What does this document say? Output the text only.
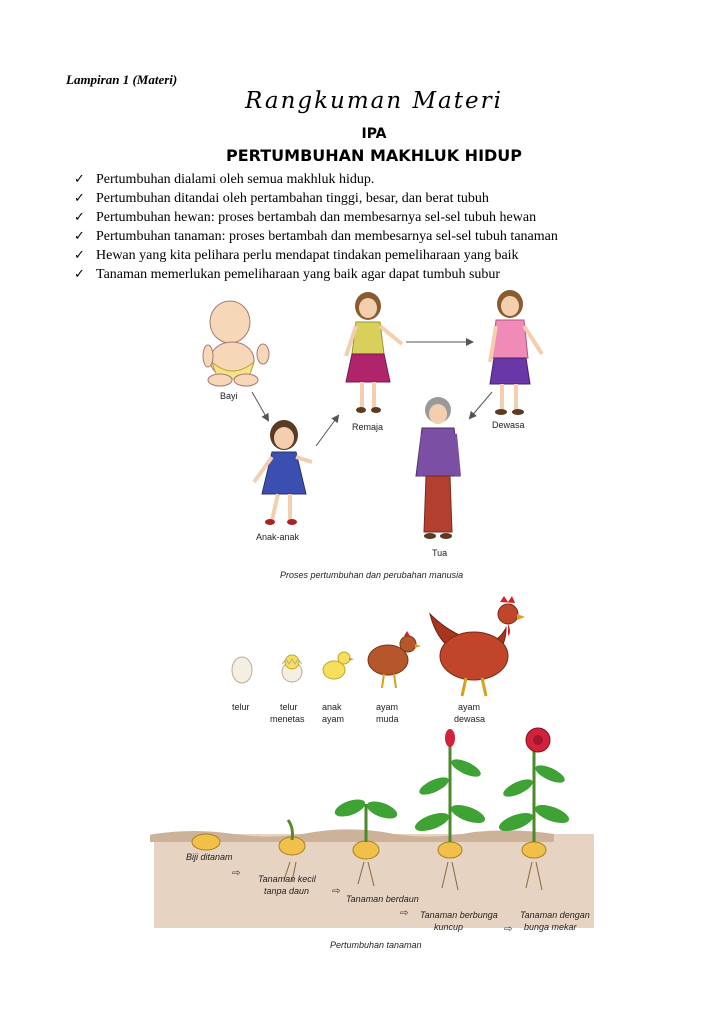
Lampiran 1 (Materi)
Rangkuman Materi
IPA
PERTUMBUHAN MAKHLUK HIDUP
✓ Pertumbuhan dialami oleh semua makhluk hidup.
✓ Pertumbuhan ditandai oleh pertambahan tinggi, besar, dan berat tubuh
✓ Pertumbuhan hewan: proses bertambah dan membesarnya sel-sel tubuh hewan
✓ Pertumbuhan tanaman: proses bertambah dan membesarnya sel-sel tubuh tanaman
✓ Hewan yang kita pelihara perlu mendapat tindakan pemeliharaan yang baik
✓ Tanaman memerlukan pemeliharaan yang baik agar dapat tumbuh subur
Bayi
Anak-anak
Remaja	Dewasa
Tua
Proses pertumbuhan dan perubahan manusia
telur	telur
menetas
anak
ayam
ayam
muda
ayam
dewasa
⇨
⇨
⇨
⇨
Biji ditanam
Tanaman kecil
tanpa daun
Tanaman berdaun
Tanaman berbunga
kuncup
Tanaman dengan
bunga mekar
Pertumbuhan tanaman
